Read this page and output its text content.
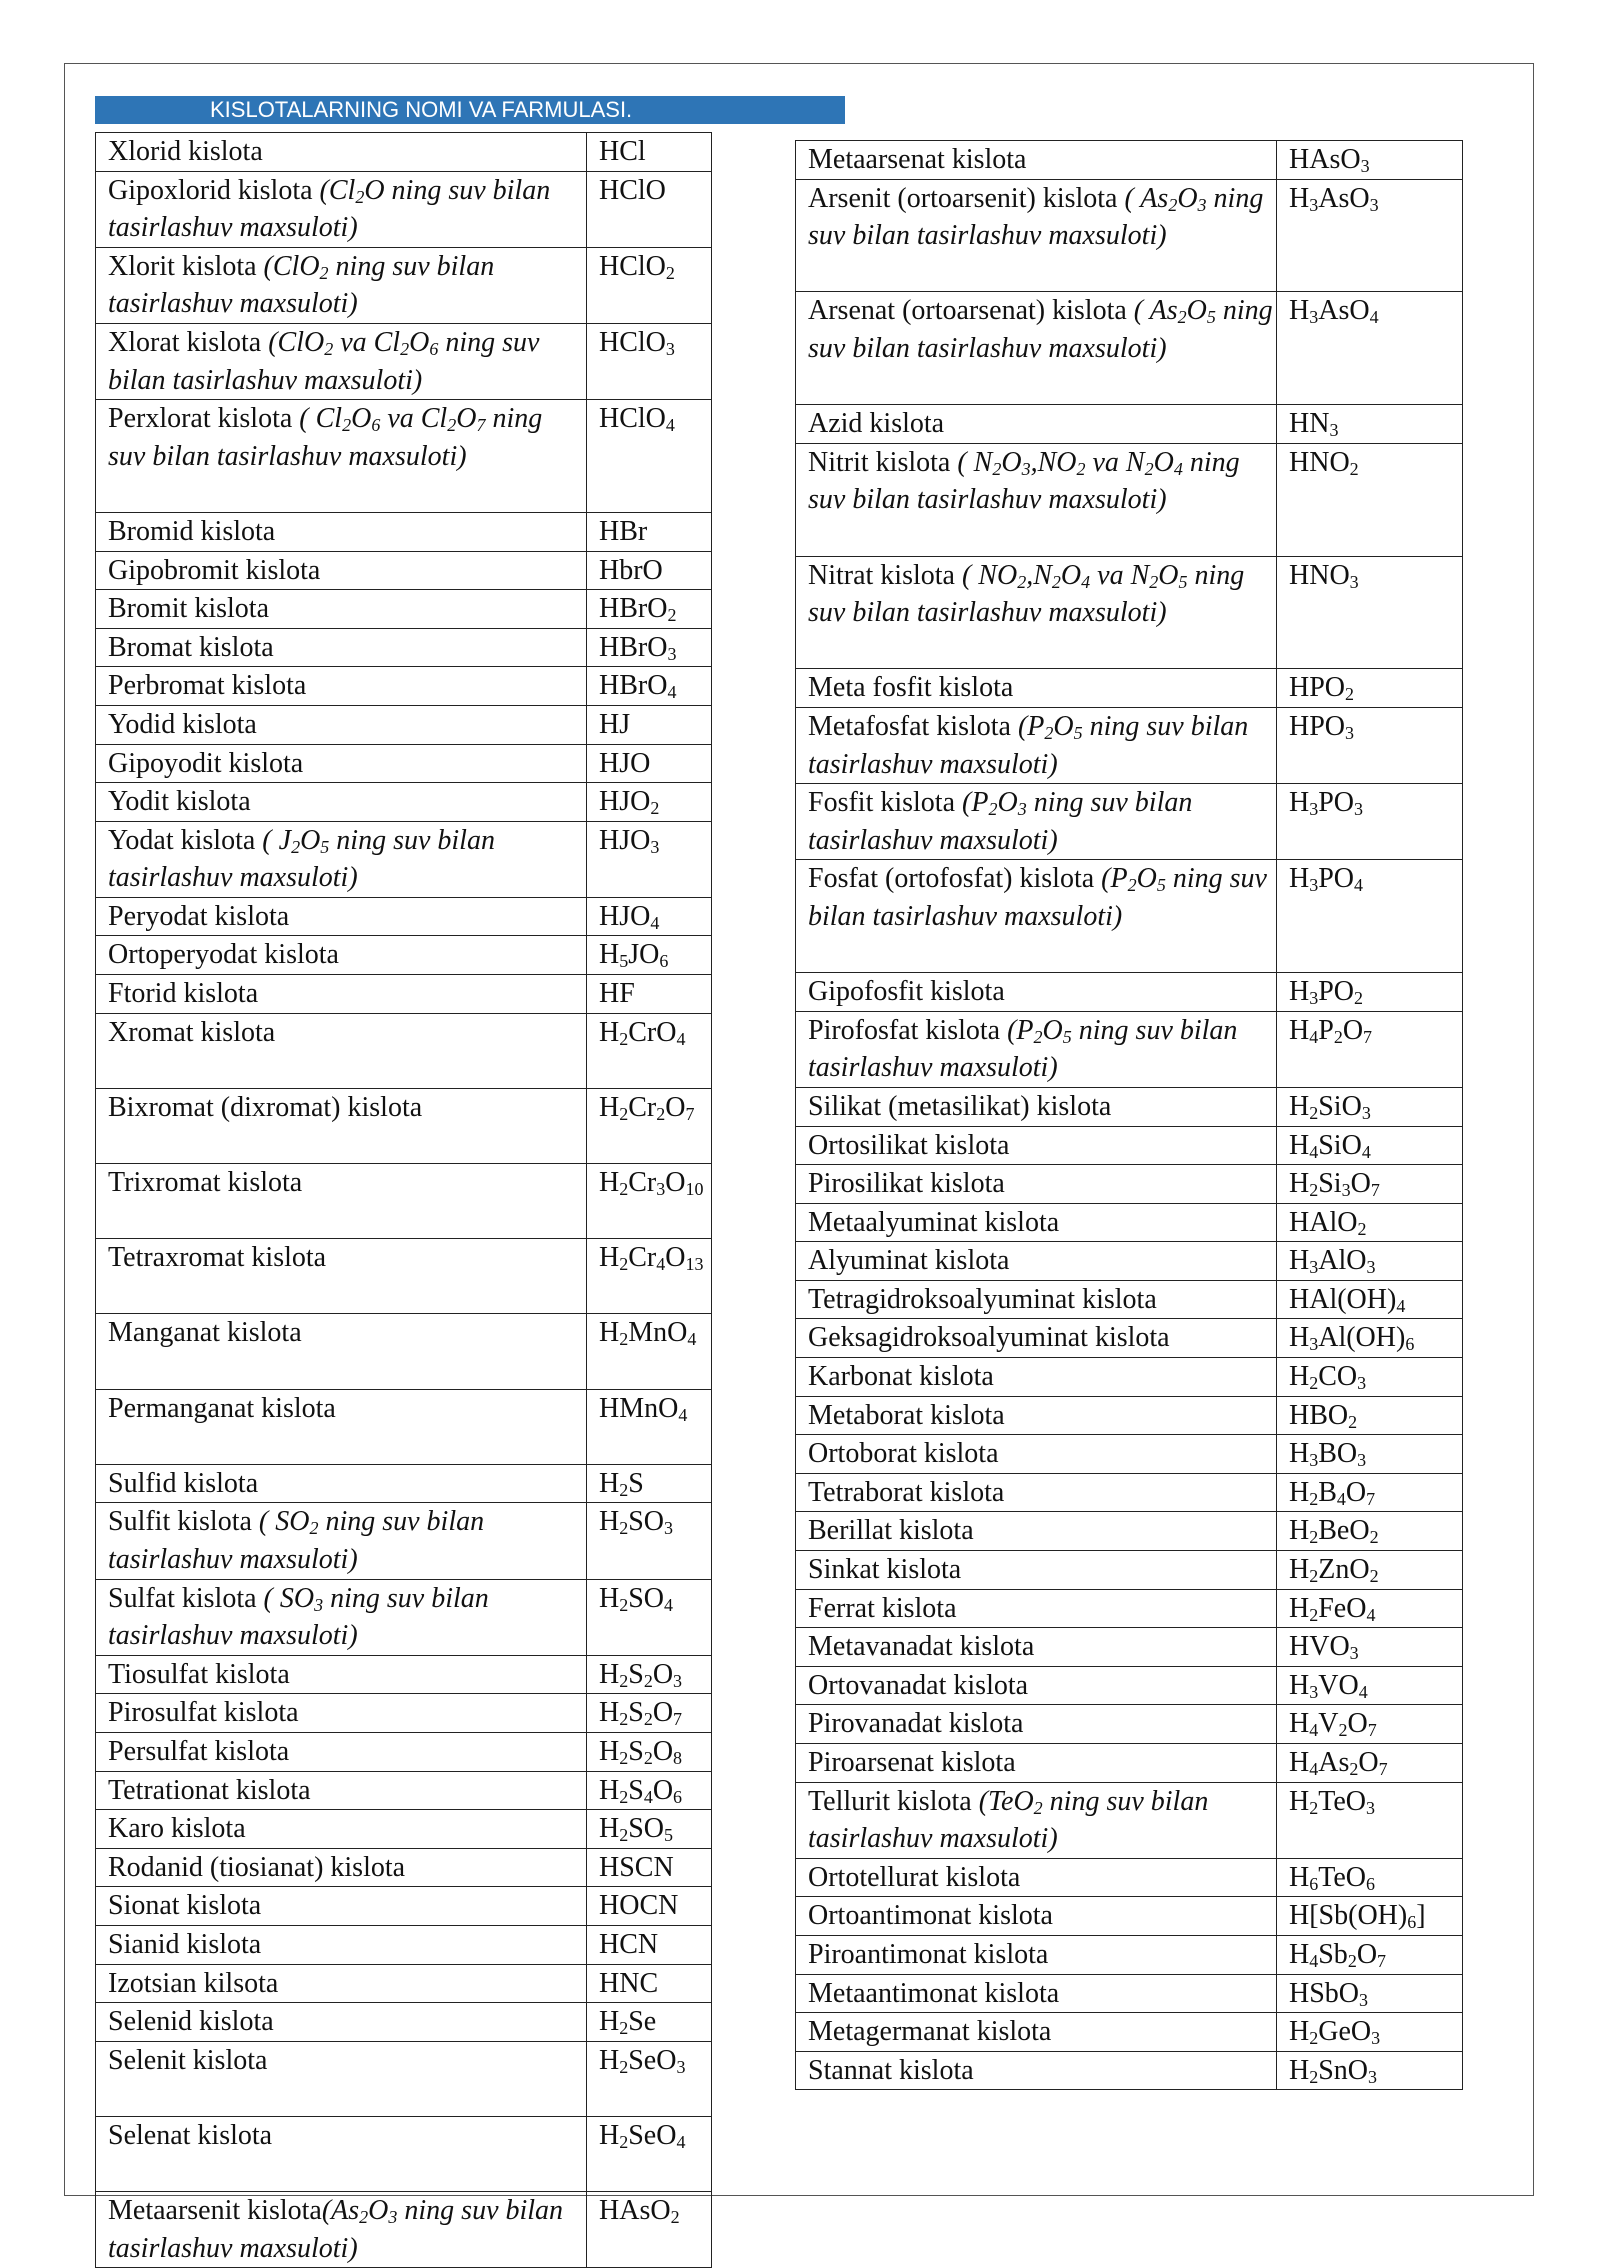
KISLOTALARNING NOMI VA FARMULASI.
Xlorid kislota	HCl
Gipoxlorid kislota ($Cl_2O$ ning suv bilan tasirlashuv maxsuloti)	HClO
Xlorit kislota (ClO$_2$ ning suv bilan tasirlashuv maxsuloti)	HClO$_2$
Xlorat kislota (ClO$_2$ va $Cl_2O_6$ ning suv bilan tasirlashuv maxsuloti)	HClO$_3$
Perxlorat kislota ( $Cl_2O_6$ va $Cl_2O_7$ ning suv bilan tasirlashuv maxsuloti)	HClO$_4$
Bromid kislota	HBr
Gipobromit kislota	HbrO
Bromit kislota	HBrO$_2$
Bromat kislota	HBrO$_3$
Perbromat kislota	HBrO$_4$
Yodid kislota	HJ
Gipoyodit kislota	HJO
Yodit kislota	$HJO_2$
Yodat kislota ( $J_2O_5$ ning suv bilan tasirlashuv maxsuloti)	$HJO_3$
Peryodat kislota	$HJO_4$
Ortoperyodat kislota	$H_5JO_6$
Ftorid kislota	HF
Xromat kislota	$H_2CrO_4$
Bixromat (dixromat) kislota	$H_2Cr_2O_7$
Trixromat kislota	$H_2Cr_3O_{10}$
Tetraxromat kislota	$H_2Cr_4O_{13}$
Manganat kislota	$H_2MnO_4$
Permanganat kislota	HMnO$_4$
Sulfid kislota	$H_2S$
Sulfit kislota ( $SO_2$ ning suv bilan tasirlashuv maxsuloti)	$H_2SO_3$
Sulfat kislota ( $SO_3$ ning suv bilan tasirlashuv maxsuloti)	$H_2SO_4$
Tiosulfat kislota	$H_2S_2O_3$
Pirosulfat kislota	$H_2S_2O_7$
Persulfat kislota	$H_2S_2O_8$
Tetrationat kislota	$H_2S_4O_6$
Karo kislota	$H_2SO_5$
Rodanid (tiosianat) kislota	HSCN
Sionat kislota	HOCN
Sianid kislota	HCN
Izotsian kilsota	HNC
Selenid kislota	$H_2Se$
Selenit kislota	$H_2SeO_3$
Selenat kislota	$H_2SeO_4$
Metaarsenit $kislota(As_2O_3$ ning suv bilan tasirlashuv maxsuloti)	HAsO$_2$
Metaarsenat kislota	HAsO$_3$
Arsenit (ortoarsenit) kislota ( $As_2O_3$ ning suv bilan tasirlashuv maxsuloti)	$H_3AsO_3$
Arsenat (ortoarsenat) kislota ( $As_2O_5$ ning suv bilan tasirlashuv maxsuloti)	$H_3AsO_4$
Azid kislota	$HN_3$
Nitrit kislota ( $N_2O_3,NO_2$ va $N_2O_4$ ning suv bilan tasirlashuv maxsuloti)	$HNO_2$
Nitrat kislota ( $NO_2,N_2O_4$ va $N_2O_5$ ning suv bilan tasirlashuv maxsuloti)	$HNO_3$
Meta fosfit kislota	$HPO_2$
Metafosfat kislota ($P_2O_5$ ning suv bilan tasirlashuv maxsuloti)	$HPO_3$
Fosfit kislota ($P_2O_3$ ning suv bilan tasirlashuv maxsuloti)	$H_3PO_3$
Fosfat (ortofosfat) kislota ($P_2O_5$ ning suv bilan tasirlashuv maxsuloti)	$H_3PO_4$
Gipofosfit kislota	$H_3PO_2$
Pirofosfat kislota ($P_2O_5$ ning suv bilan tasirlashuv maxsuloti)	$H_4P_2O_7$
Silikat (metasilikat) kislota	$H_2SiO_3$
Ortosilikat kislota	$H_4SiO_4$
Pirosilikat kislota	$H_2Si_3O_7$
Metaalyuminat kislota	HAlO$_2$
Alyuminat kislota	$H_3AlO_3$
Tetragidroksoalyuminat kislota	$HAl(OH)_4$
Geksagidroksoalyuminat kislota	$H_3Al(OH)_6$
Karbonat kislota	$H_2CO_3$
Metaborat kislota	$HBO_2$
Ortoborat kislota	$H_3BO_3$
Tetraborat kislota	$H_2B_4O_7$
Berillat kislota	$H_2BeO_2$
Sinkat kislota	$H_2ZnO_2$
Ferrat kislota	$H_2FeO_4$
Metavanadat kislota	$HVO_3$
Ortovanadat kislota	$H_3VO_4$
Pirovanadat kislota	$H_4V_2O_7$
Piroarsenat kislota	$H_4As_2O_7$
Tellurit kislota (TeO$_2$ ning suv bilan tasirlashuv maxsuloti)	$H_2TeO_3$
Ortotellurat kislota	$H_6TeO_6$
Ortoantimonat kislota	$H[Sb(OH)_6]$
Piroantimonat kislota	$H_4Sb_2O_7$
Metaantimonat kislota	HSbO$_3$
Metagermanat kislota	$H_2GeO_3$
Stannat kislota	$H_2SnO_3$
